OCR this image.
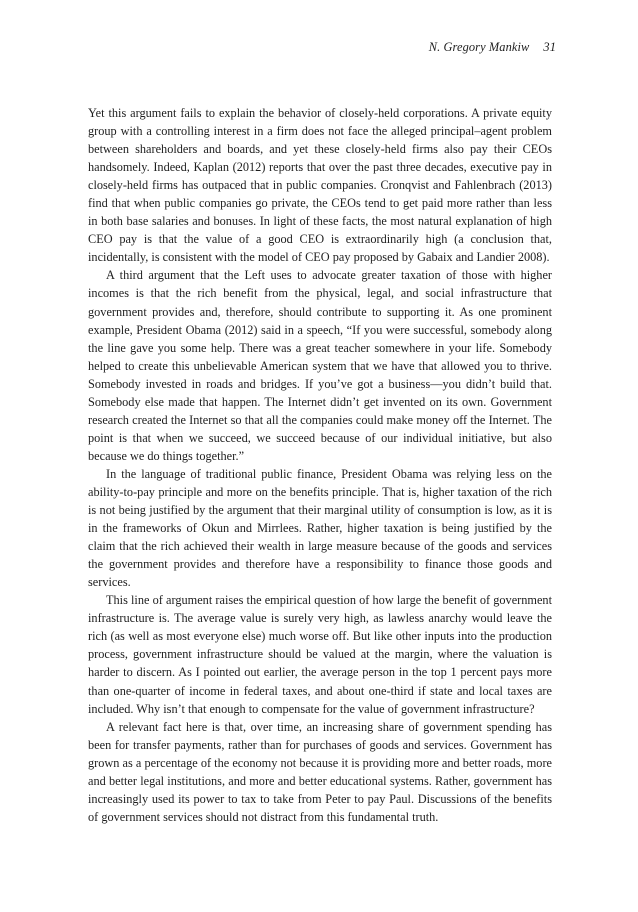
N. Gregory Mankiw 31

Yet this argument fails to explain the behavior of closely-held corporations. A private equity group with a controlling interest in a firm does not face the alleged principal–agent problem between shareholders and boards, and yet these closely-held firms also pay their CEOs handsomely. Indeed, Kaplan (2012) reports that over the past three decades, executive pay in closely-held firms has outpaced that in public companies. Cronqvist and Fahlenbrach (2013) find that when public companies go private, the CEOs tend to get paid more rather than less in both base salaries and bonuses. In light of these facts, the most natural explanation of high CEO pay is that the value of a good CEO is extraordinarily high (a conclusion that, incidentally, is consistent with the model of CEO pay proposed by Gabaix and Landier 2008).

A third argument that the Left uses to advocate greater taxation of those with higher incomes is that the rich benefit from the physical, legal, and social infrastructure that government provides and, therefore, should contribute to supporting it. As one prominent example, President Obama (2012) said in a speech, “If you were successful, somebody along the line gave you some help. There was a great teacher somewhere in your life. Somebody helped to create this unbelievable American system that we have that allowed you to thrive. Somebody invested in roads and bridges. If you’ve got a business—you didn’t build that. Somebody else made that happen. The Internet didn’t get invented on its own. Government research created the Internet so that all the companies could make money off the Internet. The point is that when we succeed, we succeed because of our individual initiative, but also because we do things together.”

In the language of traditional public finance, President Obama was relying less on the ability-to-pay principle and more on the benefits principle. That is, higher taxation of the rich is not being justified by the argument that their marginal utility of consumption is low, as it is in the frameworks of Okun and Mirrlees. Rather, higher taxation is being justified by the claim that the rich achieved their wealth in large measure because of the goods and services the government provides and therefore have a responsibility to finance those goods and services.

This line of argument raises the empirical question of how large the benefit of government infrastructure is. The average value is surely very high, as lawless anarchy would leave the rich (as well as most everyone else) much worse off. But like other inputs into the production process, government infrastructure should be valued at the margin, where the valuation is harder to discern. As I pointed out earlier, the average person in the top 1 percent pays more than one-quarter of income in federal taxes, and about one-third if state and local taxes are included. Why isn’t that enough to compensate for the value of government infrastructure?

A relevant fact here is that, over time, an increasing share of government spending has been for transfer payments, rather than for purchases of goods and services. Government has grown as a percentage of the economy not because it is providing more and better roads, more and better legal institutions, and more and better educational systems. Rather, government has increasingly used its power to tax to take from Peter to pay Paul. Discussions of the benefits of government services should not distract from this fundamental truth.
